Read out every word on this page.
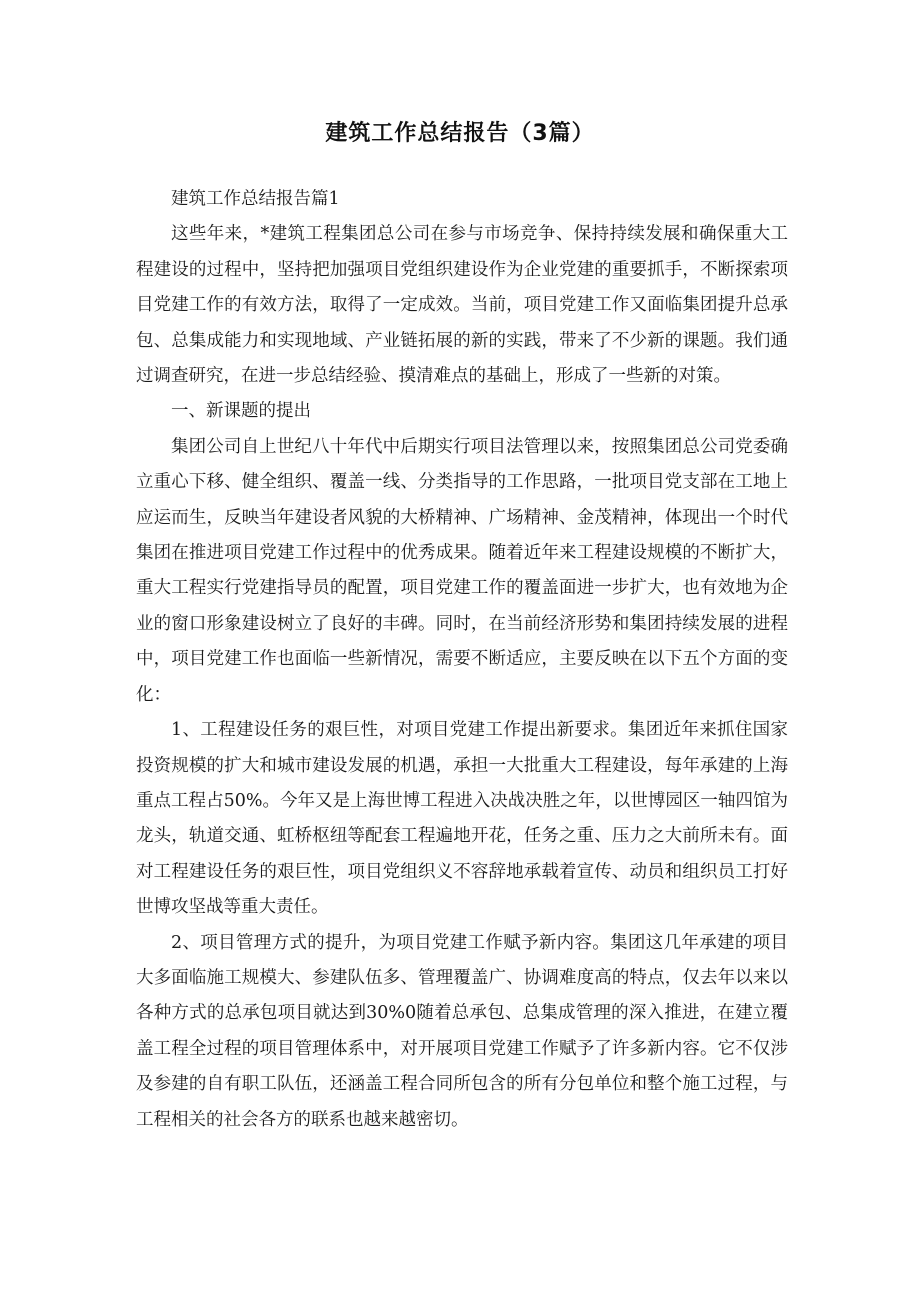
建筑工作总结报告（3篇）

建筑工作总结报告篇1

这些年来，*建筑工程集团总公司在参与市场竞争、保持持续发展和确保重大工程建设的过程中，坚持把加强项目党组织建设作为企业党建的重要抓手，不断探索项目党建工作的有效方法，取得了一定成效。当前，项目党建工作又面临集团提升总承包、总集成能力和实现地域、产业链拓展的新的实践，带来了不少新的课题。我们通过调查研究，在进一步总结经验、摸清难点的基础上，形成了一些新的对策。

一、新课题的提出

集团公司自上世纪八十年代中后期实行项目法管理以来，按照集团总公司党委确立重心下移、健全组织、覆盖一线、分类指导的工作思路，一批项目党支部在工地上应运而生，反映当年建设者风貌的大桥精神、广场精神、金茂精神，体现出一个时代集团在推进项目党建工作过程中的优秀成果。随着近年来工程建设规模的不断扩大，重大工程实行党建指导员的配置，项目党建工作的覆盖面进一步扩大，也有效地为企业的窗口形象建设树立了良好的丰碑。同时，在当前经济形势和集团持续发展的进程中，项目党建工作也面临一些新情况，需要不断适应，主要反映在以下五个方面的变化：

1、工程建设任务的艰巨性，对项目党建工作提出新要求。集团近年来抓住国家投资规模的扩大和城市建设发展的机遇，承担一大批重大工程建设，每年承建的上海重点工程占50%。今年又是上海世博工程进入决战决胜之年，以世博园区一轴四馆为龙头，轨道交通、虹桥枢纽等配套工程遍地开花，任务之重、压力之大前所未有。面对工程建设任务的艰巨性，项目党组织义不容辞地承载着宣传、动员和组织员工打好世博攻坚战等重大责任。

2、项目管理方式的提升，为项目党建工作赋予新内容。集团这几年承建的项目大多面临施工规模大、参建队伍多、管理覆盖广、协调难度高的特点，仅去年以来以各种方式的总承包项目就达到30%0随着总承包、总集成管理的深入推进，在建立覆盖工程全过程的项目管理体系中，对开展项目党建工作赋予了许多新内容。它不仅涉及参建的自有职工队伍，还涵盖工程合同所包含的所有分包单位和整个施工过程，与工程相关的社会各方的联系也越来越密切。
